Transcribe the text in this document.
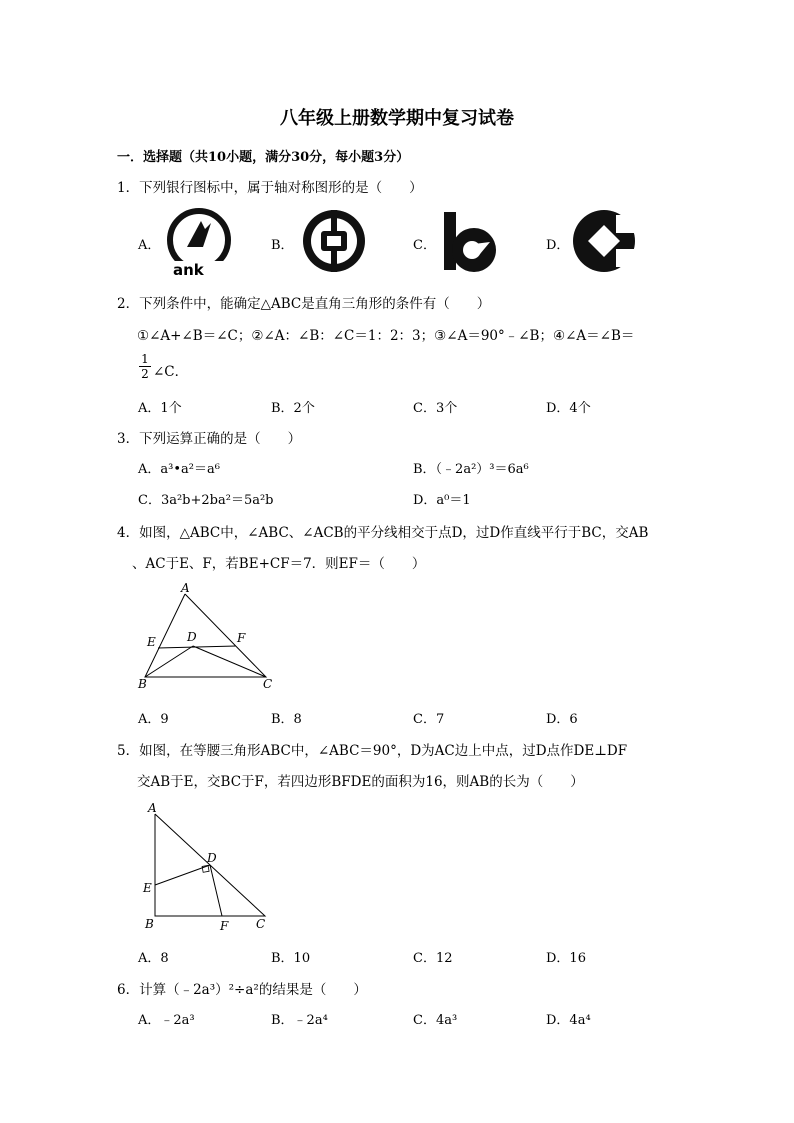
八年级上册数学期中复习试卷
一．选择题（共10小题，满分30分，每小题3分）
1．下列银行图标中，属于轴对称图形的是（　　）
A．
ank
B．	C．	D．
2．下列条件中，能确定△ABC是直角三角形的条件有（　　）
①∠A+∠B＝∠C；②∠A：∠B：∠C＝1：2：3；③∠A＝90°﹣∠B；④∠A＝∠B＝
$\frac{1}{2}$ ∠C．
A．1个	B．2个	C．3个	D．4个
3．下列运算正确的是（　　）
A．a³•a²＝a⁶	B．（﹣2a²）³＝6a⁶
C．3a²b+2ba²＝5a²b	D．a⁰＝1
4．如图，△ABC中，∠ABC、∠ACB的平分线相交于点D，过D作直线平行于BC，交AB
、AC于E、F，若BE+CF＝7．则EF＝（　　）
A
E	D	F
B	C
A．9	B．8	C．7	D．6
5．如图，在等腰三角形ABC中，∠ABC＝90°，D为AC边上中点，过D点作DE⊥DF
交AB于E，交BC于F，若四边形BFDE的面积为16，则AB的长为（　　）
A
D
E
B	F C
A．8	B．10	C．12	D．16
6．计算（﹣2a³）²÷a²的结果是（　　）
A．﹣2a³	B．﹣2a⁴	C．4a³	D．4a⁴
